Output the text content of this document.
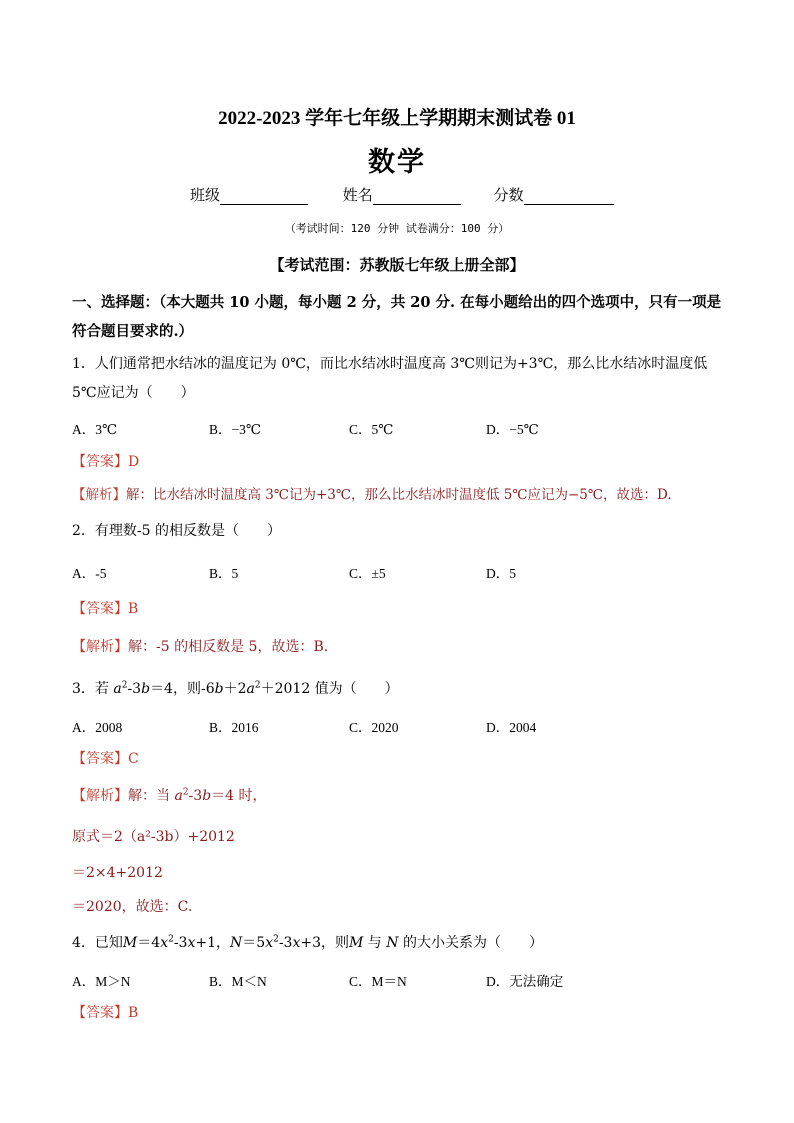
2022-2023 学年七年级上学期期末测试卷 01
数学
班级	姓名	分数
（考试时间：120 分钟 试卷满分：100 分）
【考试范围：苏教版七年级上册全部】
一、选择题：（本大题共 10 小题，每小题 2 分，共 20 分. 在每小题给出的四个选项中，只有一项是符合题目要求的.）
1．人们通常把水结冰的温度记为 0℃，而比水结冰时温度高 3℃则记为+3℃，那么比水结冰时温度低 5℃应记为（　　）
A．3℃	B．−3℃	C．5℃	D．−5℃
【答案】D
【解析】解：比水结冰时温度高 3℃记为+3℃，那么比水结冰时温度低 5℃应记为−5℃，故选：D.
2．有理数-5 的相反数是（　　）
A．-5	B．5	C．±5	D．5
【答案】B
【解析】解：-5 的相反数是 5，故选：B.
3．若 $a^2-3b=4$，则$-6b+2a^2+2012$ 值为（　　）
A．2008	B．2016	C．2020	D．2004
【答案】C
【解析】解：当 $a^2-3b=4$ 时，
原式＝2（a²-3b）+2012
＝2×4+2012
＝2020，故选：C.
4．已知$M=4x^2-3x+1$，$N=5x^2-3x+3$，则M 与 N 的大小关系为（　　）
A．M＞N	B．M＜N	C．M＝N	D．无法确定
【答案】B
